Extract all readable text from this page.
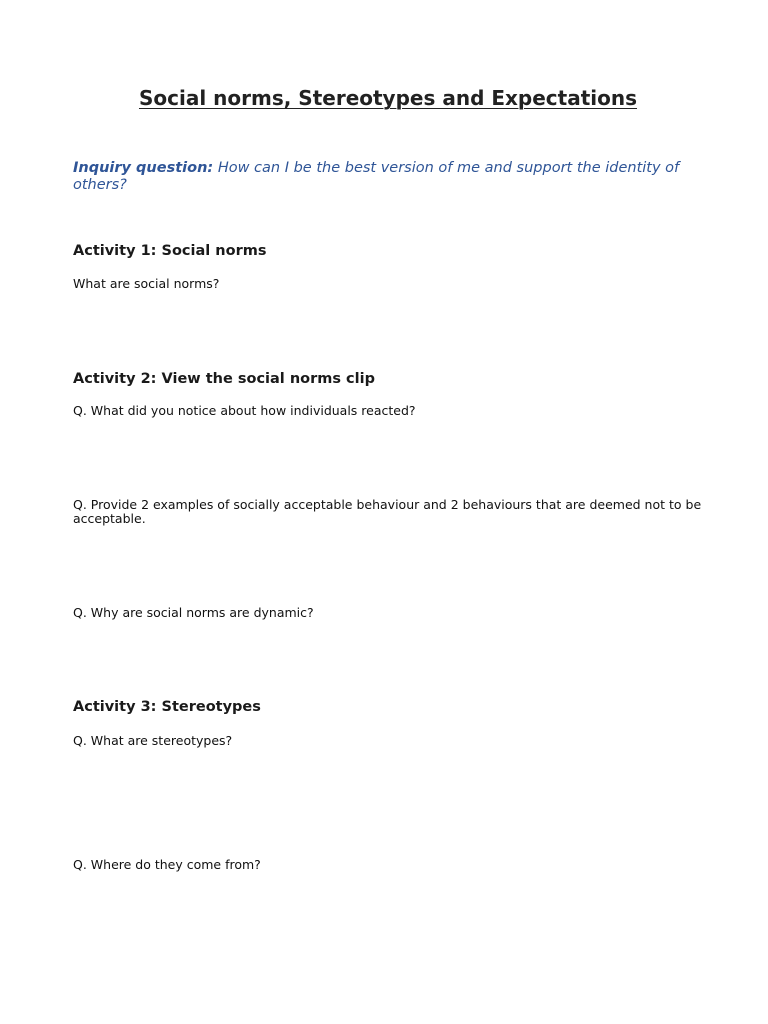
Social norms, Stereotypes and Expectations
Inquiry question: How can I be the best version of me and support the identity of others?
Activity 1: Social norms
What are social norms?
Activity 2: View the social norms clip
Q. What did you notice about how individuals reacted?
Q. Provide 2 examples of socially acceptable behaviour and 2 behaviours that are deemed not to be acceptable.
Q. Why are social norms are dynamic?
Activity 3: Stereotypes
Q. What are stereotypes?
Q. Where do they come from?
